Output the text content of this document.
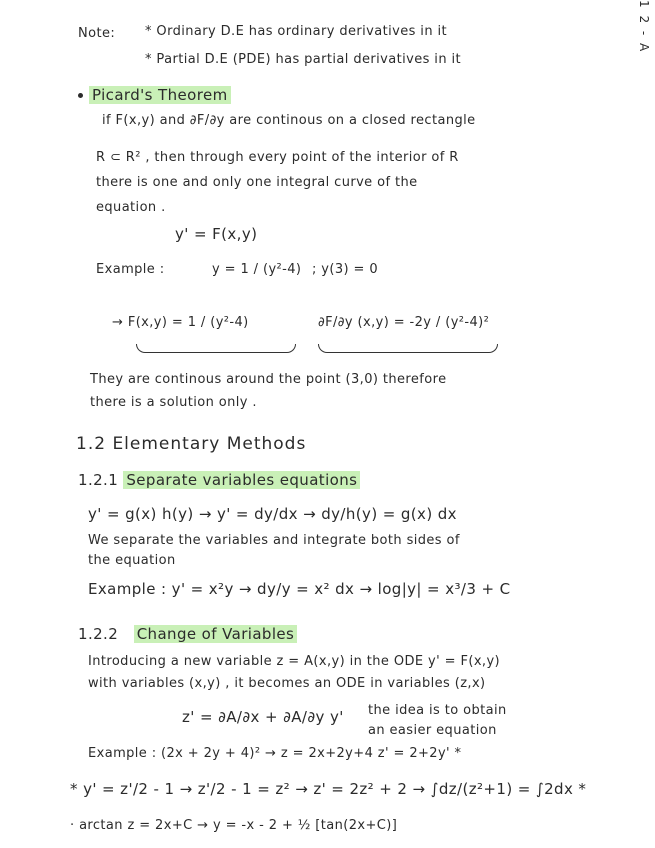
1 2 - A
Note: * Ordinary D.E has ordinary derivatives in it
* Partial D.E (PDE) has partial derivatives in it
Picard's Theorem
if F(x,y) and ∂F/∂y are continous on a closed rectangle
R ⊂ R² , then through every point of the interior of R
there is one and only one integral curve of the
equation .
y' = F(x,y)
Example :	y = 1 / (y²-4) ; y(3) = 0
→ F(x,y) = 1 / (y²-4)	∂F/∂y (x,y) = -2y / (y²-4)²
They are continous around the point (3,0) therefore
there is a solution only .
1.2 Elementary Methods
1.2.1 Separate variables equations
y' = g(x) h(y) → y' = dy/dx → dy/h(y) = g(x) dx
We separate the variables and integrate both sides of
the equation
Example : y' = x²y → dy/y = x² dx → log|y| = x³/3 + C
1.2.2 Change of Variables
Introducing a new variable z = A(x,y) in the ODE y' = F(x,y)
with variables (x,y) , it becomes an ODE in variables (z,x)
z' = ∂A/∂x + ∂A/∂y y' the idea is to obtain
an easier equation
Example : (2x + 2y + 4)² → z = 2x+2y+4 z' = 2+2y' *
* y' = z'/2 - 1 → z'/2 - 1 = z² → z' = 2z² + 2 → ∫dz/(z²+1) = ∫2dx *
· arctan z = 2x+C → y = -x - 2 + ½ [tan(2x+C)]
